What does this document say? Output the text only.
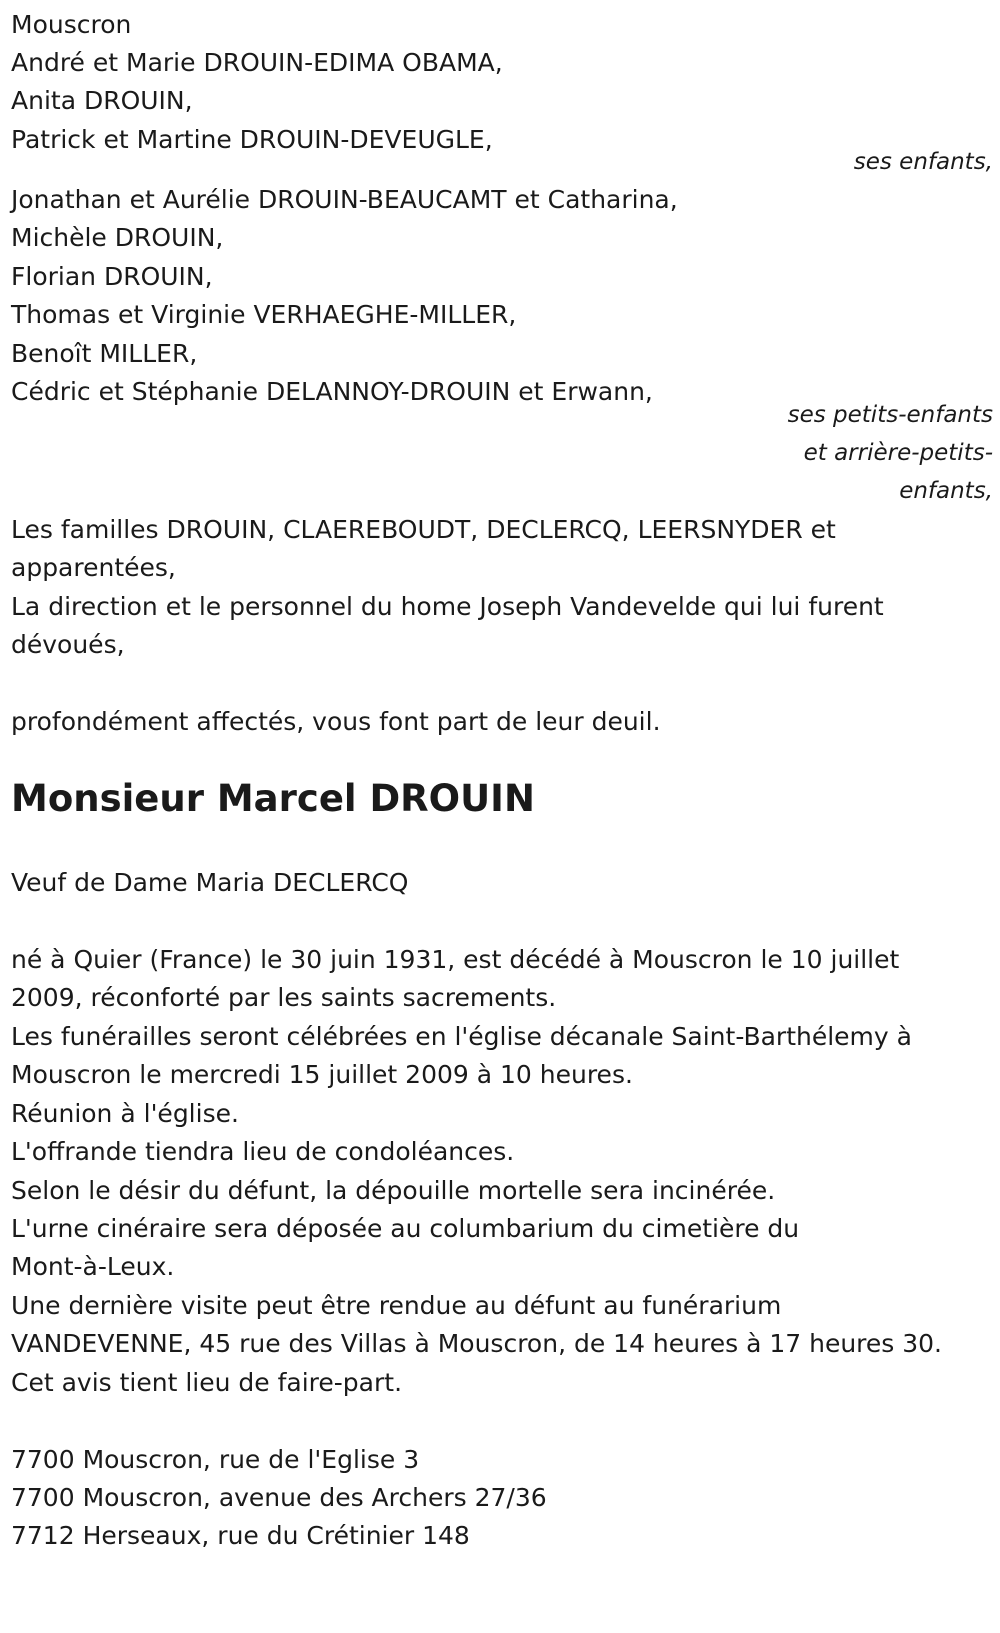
Mouscron
André et Marie DROUIN-EDIMA OBAMA,
Anita DROUIN,
Patrick et Martine DROUIN-DEVEUGLE,
ses enfants,
Jonathan et Aurélie DROUIN-BEAUCAMT et Catharina,
Michèle DROUIN,
Florian DROUIN,
Thomas et Virginie VERHAEGHE-MILLER,
Benoît MILLER,
Cédric et Stéphanie DELANNOY-DROUIN et Erwann,
ses petits-enfants
et arrière-petits-
enfants,
Les familles DROUIN, CLAEREBOUDT, DECLERCQ, LEERSNYDER et
apparentées,
La direction et le personnel du home Joseph Vandevelde qui lui furent
dévoués,
profondément affectés, vous font part de leur deuil.
Monsieur Marcel DROUIN
Veuf de Dame Maria DECLERCQ
né à Quier (France) le 30 juin 1931, est décédé à Mouscron le 10 juillet
2009, réconforté par les saints sacrements.
Les funérailles seront célébrées en l'église décanale Saint-Barthélemy à
Mouscron le mercredi 15 juillet 2009 à 10 heures.
Réunion à l'église.
L'offrande tiendra lieu de condoléances.
Selon le désir du défunt, la dépouille mortelle sera incinérée.
L'urne cinéraire sera déposée au columbarium du cimetière du
Mont-à-Leux.
Une dernière visite peut être rendue au défunt au funérarium
VANDEVENNE, 45 rue des Villas à Mouscron, de 14 heures à 17 heures 30.
Cet avis tient lieu de faire-part.
7700 Mouscron, rue de l'Eglise 3
7700 Mouscron, avenue des Archers 27/36
7712 Herseaux, rue du Crétinier 148
